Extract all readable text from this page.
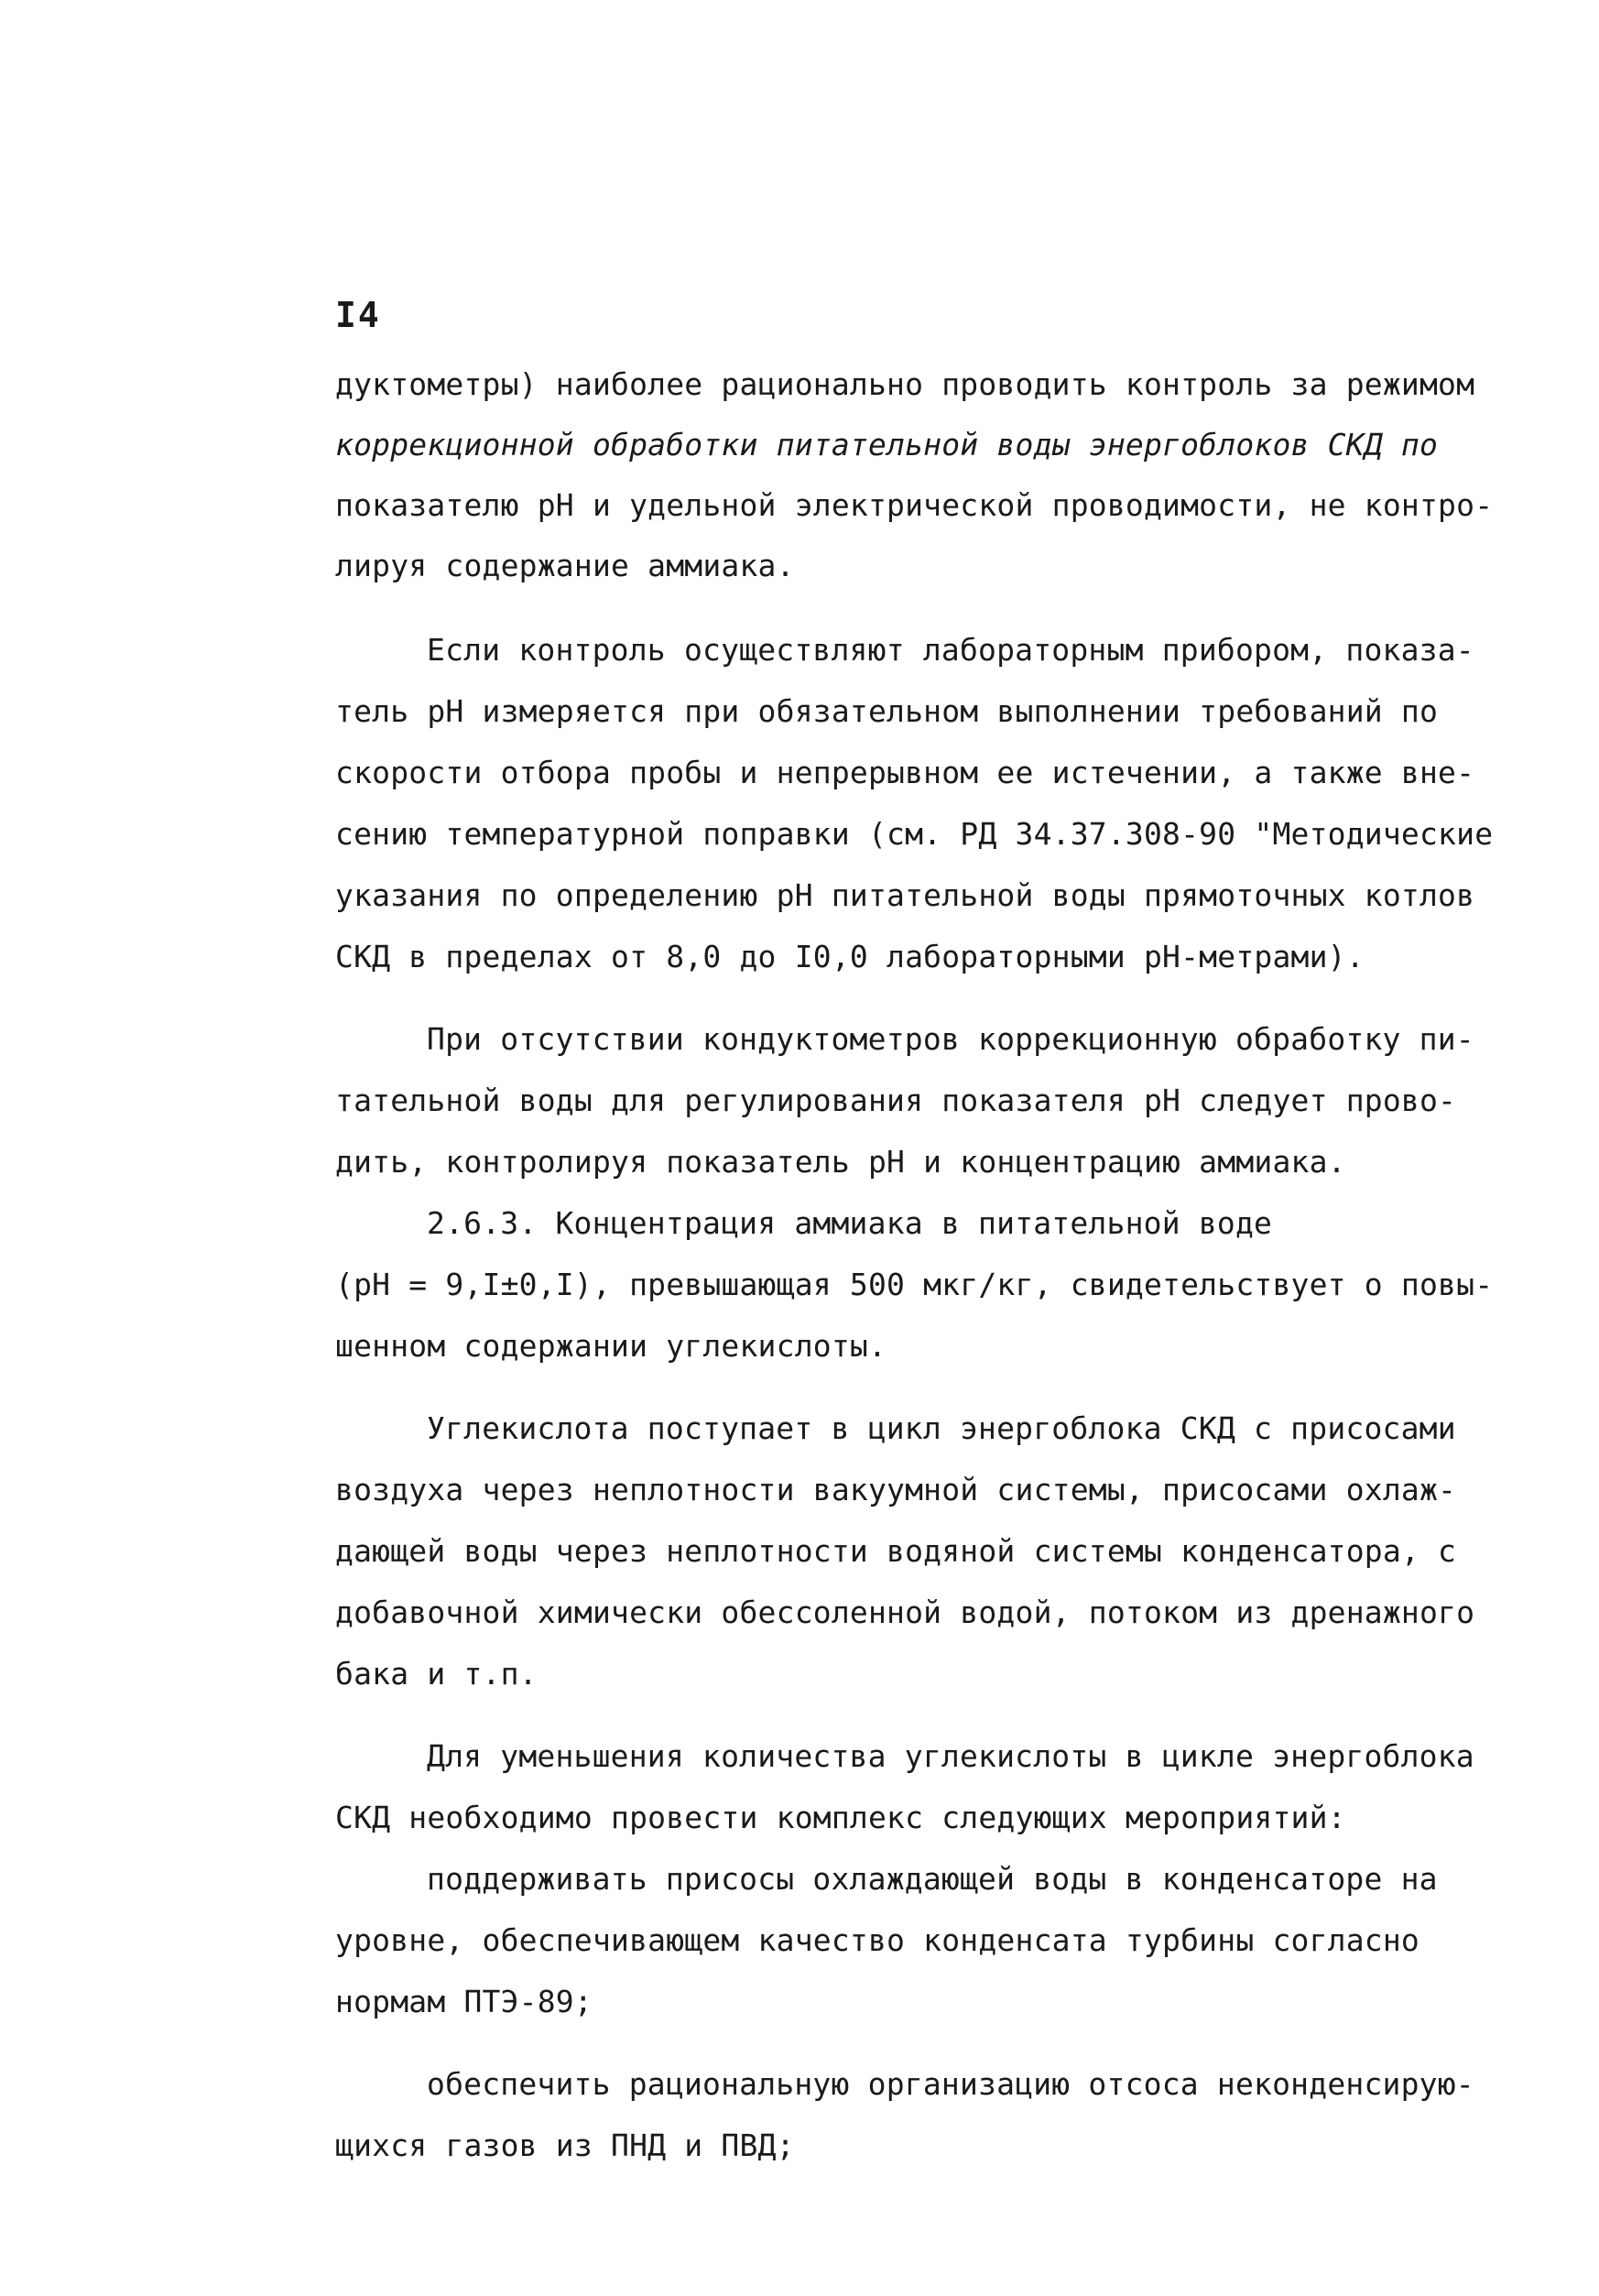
I4
дуктометры) наиболее рационально проводить контроль за режимом
коррекционной обработки питательной воды энергоблоков СКД по
показателю рН и удельной электрической проводимости, не контро-
лируя содержание аммиака.
Если контроль осуществляют лабораторным прибором, показа-
тель рН измеряется при обязательном выполнении требований по
скорости отбора пробы и непрерывном ее истечении, а также вне-
сению температурной поправки (см. РД 34.37.308-90 "Методические
указания по определению рН питательной воды прямоточных котлов
СКД в пределах от 8,0 до I0,0 лабораторными рН-метрами).
При отсутствии кондуктометров коррекционную обработку пи-
тательной воды для регулирования показателя рН следует прово-
дить, контролируя показатель рН и концентрацию аммиака.
2.6.3. Концентрация аммиака в питательной воде
(рН = 9,I±0,I), превышающая 500 мкг/кг, свидетельствует о повы-
шенном содержании углекислоты.
Углекислота поступает в цикл энергоблока СКД с присосами
воздуха через неплотности вакуумной системы, присосами охлаж-
дающей воды через неплотности водяной системы конденсатора, с
добавочной химически обессоленной водой, потоком из дренажного
бака и т.п.
Для уменьшения количества углекислоты в цикле энергоблока
СКД необходимо провести комплекс следующих мероприятий:
поддерживать присосы охлаждающей воды в конденсаторе на
уровне, обеспечивающем качество конденсата турбины согласно
нормам ПТЭ-89;
обеспечить рациональную организацию отсоса неконденсирую-
щихся газов из ПНД и ПВД;
